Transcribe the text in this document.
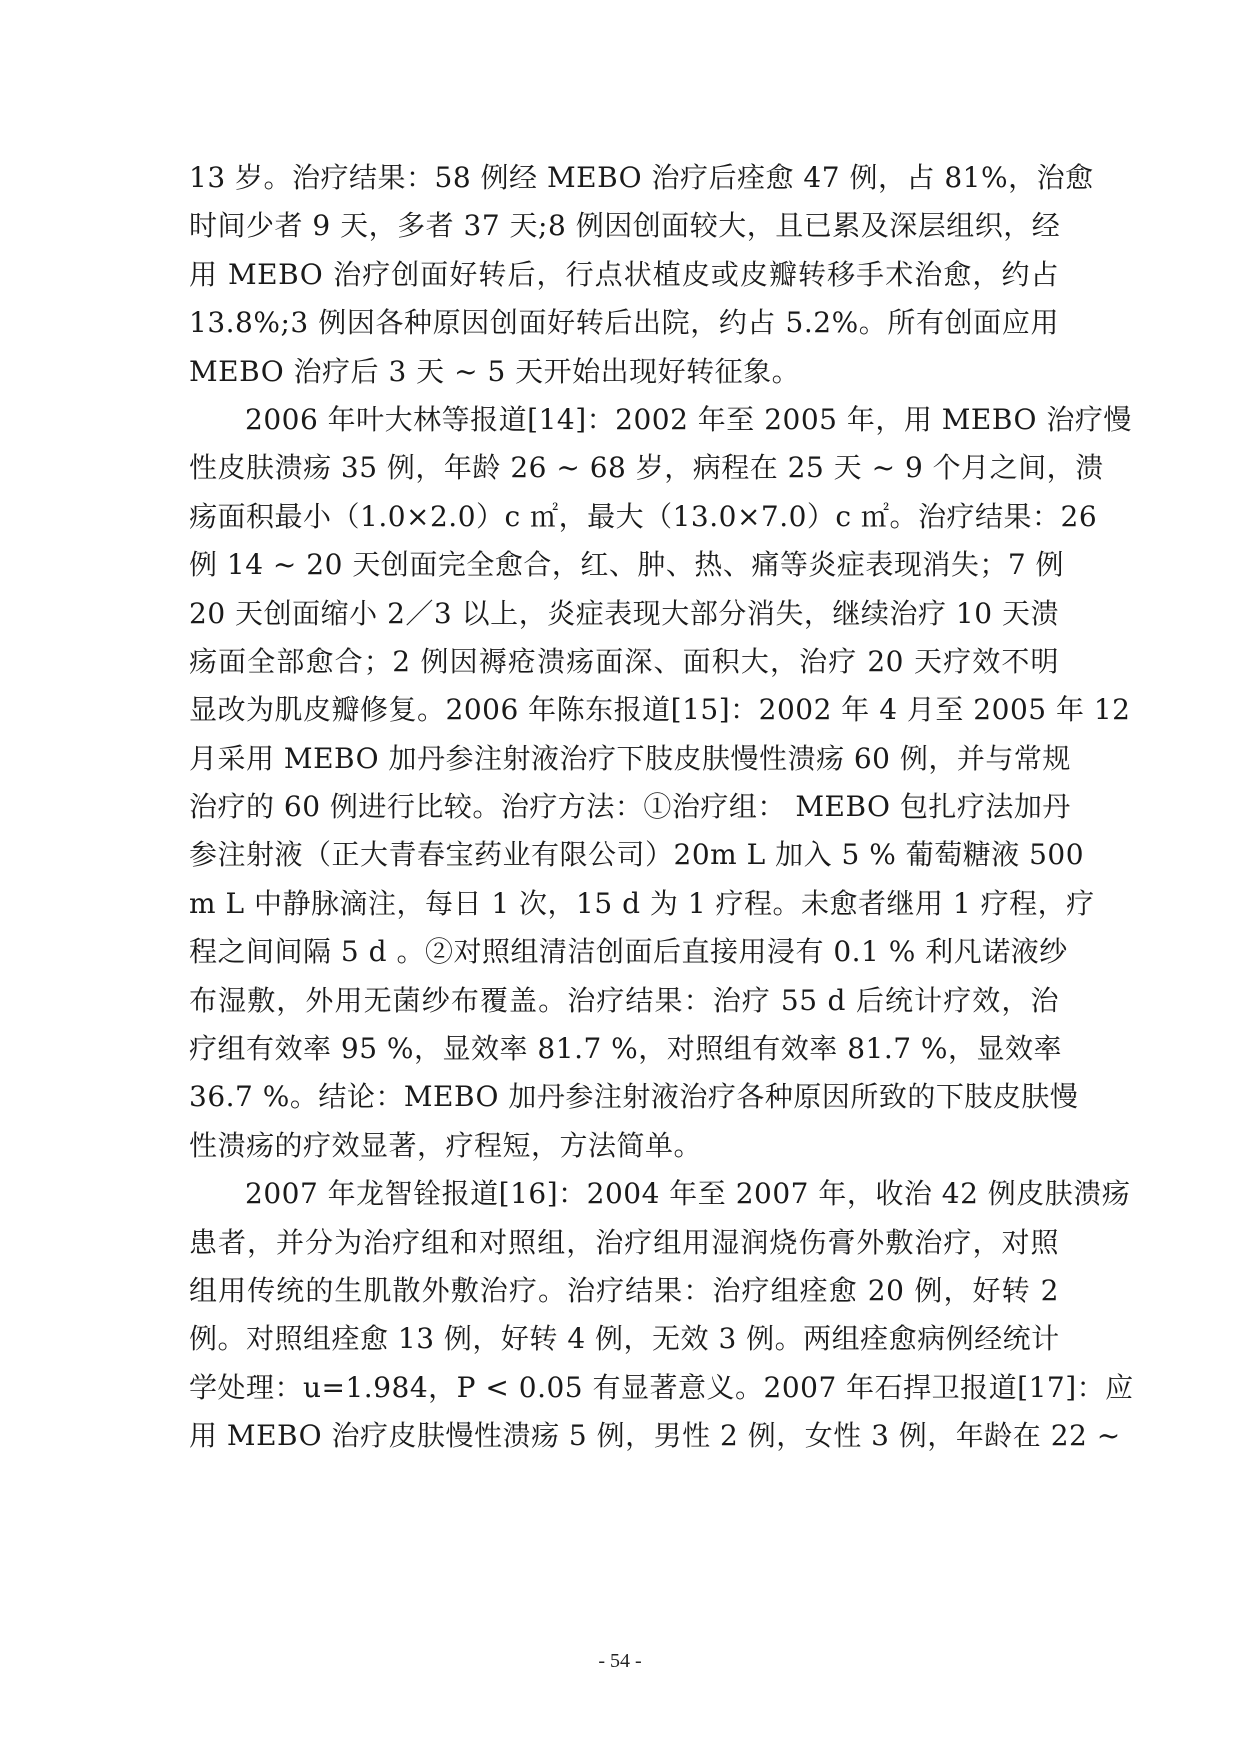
13 岁。治疗结果：58 例经 MEBO 治疗后痊愈 47 例，占 81%，治愈
时间少者 9 天，多者 37 天;8 例因创面较大，且已累及深层组织，经
用 MEBO 治疗创面好转后，行点状植皮或皮瓣转移手术治愈，约占
13.8%;3 例因各种原因创面好转后出院，约占 5.2%。所有创面应用
MEBO 治疗后 3 天 ~ 5 天开始出现好转征象。
2006 年叶大林等报道[14]：2002 年至 2005 年，用 MEBO 治疗慢
性皮肤溃疡 35 例，年龄 26 ~ 68 岁，病程在 25 天 ~ 9 个月之间，溃
疡面积最小（1.0×2.0）c ㎡，最大（13.0×7.0）c ㎡。治疗结果：26
例 14 ~ 20 天创面完全愈合，红、肿、热、痛等炎症表现消失；7 例
20 天创面缩小 2／3 以上，炎症表现大部分消失，继续治疗 10 天溃
疡面全部愈合；2 例因褥疮溃疡面深、面积大，治疗 20 天疗效不明
显改为肌皮瓣修复。2006 年陈东报道[15]：2002 年 4 月至 2005 年 12
月采用 MEBO 加丹参注射液治疗下肢皮肤慢性溃疡 60 例，并与常规
治疗的 60 例进行比较。治疗方法：①治疗组： MEBO 包扎疗法加丹
参注射液（正大青春宝药业有限公司）20m L 加入 5 % 葡萄糖液 500
m L 中静脉滴注，每日 1 次，15 d 为 1 疗程。未愈者继用 1 疗程，疗
程之间间隔 5 d 。②对照组清洁创面后直接用浸有 0.1 % 利凡诺液纱
布湿敷，外用无菌纱布覆盖。治疗结果：治疗 55 d 后统计疗效，治
疗组有效率 95 %，显效率 81.7 %，对照组有效率 81.7 %，显效率
36.7 %。结论：MEBO 加丹参注射液治疗各种原因所致的下肢皮肤慢
性溃疡的疗效显著，疗程短，方法简单。
2007 年龙智铨报道[16]：2004 年至 2007 年，收治 42 例皮肤溃疡
患者，并分为治疗组和对照组，治疗组用湿润烧伤膏外敷治疗，对照
组用传统的生肌散外敷治疗。治疗结果：治疗组痊愈 20 例，好转 2
例。对照组痊愈 13 例，好转 4 例，无效 3 例。两组痊愈病例经统计
学处理：u=1.984，P < 0.05 有显著意义。2007 年石捍卫报道[17]：应
用 MEBO 治疗皮肤慢性溃疡 5 例，男性 2 例，女性 3 例，年龄在 22 ~
- 54 -
